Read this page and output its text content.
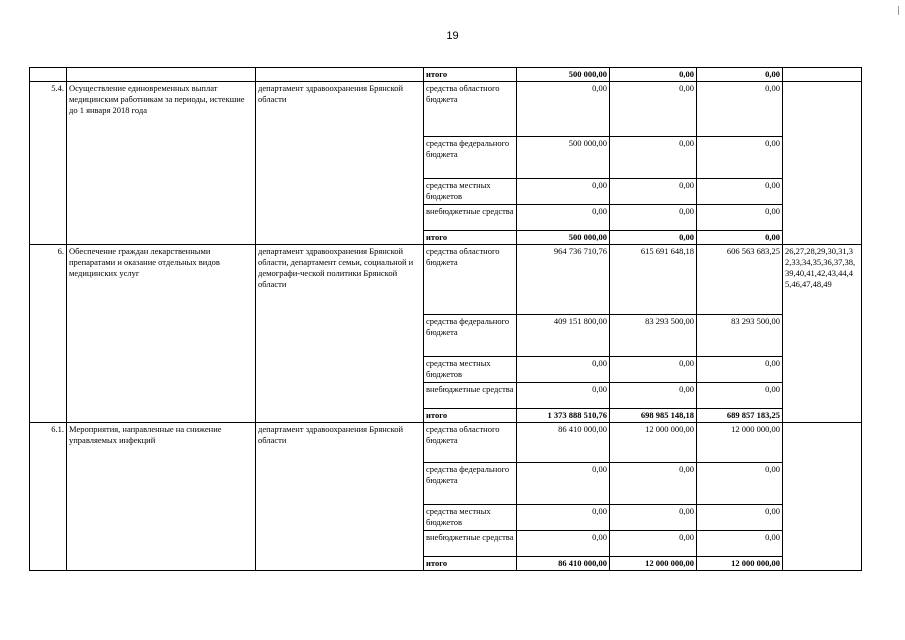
19
			итого	500 000,00	0,00	0,00	
5.4.	Осуществление единовременных выплат медицинским работникам за периоды, истекшие до 1 января 2018 года	департамент здравоохранения Брянской области	средства областного бюджета	0,00	0,00	0,00	
			средства федерального бюджета	500 000,00	0,00	0,00	
			средства местных бюджетов	0,00	0,00	0,00	
			внебюджетные средства	0,00	0,00	0,00	
			итого	500 000,00	0,00	0,00	
6.	Обеспечение граждан лекарственными препаратами и оказание отдельных видов медицинских услуг	департамент здравоохранения Брянской области, департамент семьи, социальной и демографи-ческой политики Брянской области	средства областного бюджета	964 736 710,76	615 691 648,18	606 563 683,25	26,27,28,29,30,31,32,33,34,35,36,37,38,39,40,41,42,43,44,45,46,47,48,49
			средства федерального бюджета	409 151 800,00	83 293 500,00	83 293 500,00	
			средства местных бюджетов	0,00	0,00	0,00	
			внебюджетные средства	0,00	0,00	0,00	
			итого	1 373 888 510,76	698 985 148,18	689 857 183,25	
6.1.	Мероприятия, направленные на снижение управляемых инфекций	департамент здравоохранения Брянской области	средства областного бюджета	86 410 000,00	12 000 000,00	12 000 000,00	
			средства федерального бюджета	0,00	0,00	0,00	
			средства местных бюджетов	0,00	0,00	0,00	
			внебюджетные средства	0,00	0,00	0,00	
			итого	86 410 000,00	12 000 000,00	12 000 000,00	
